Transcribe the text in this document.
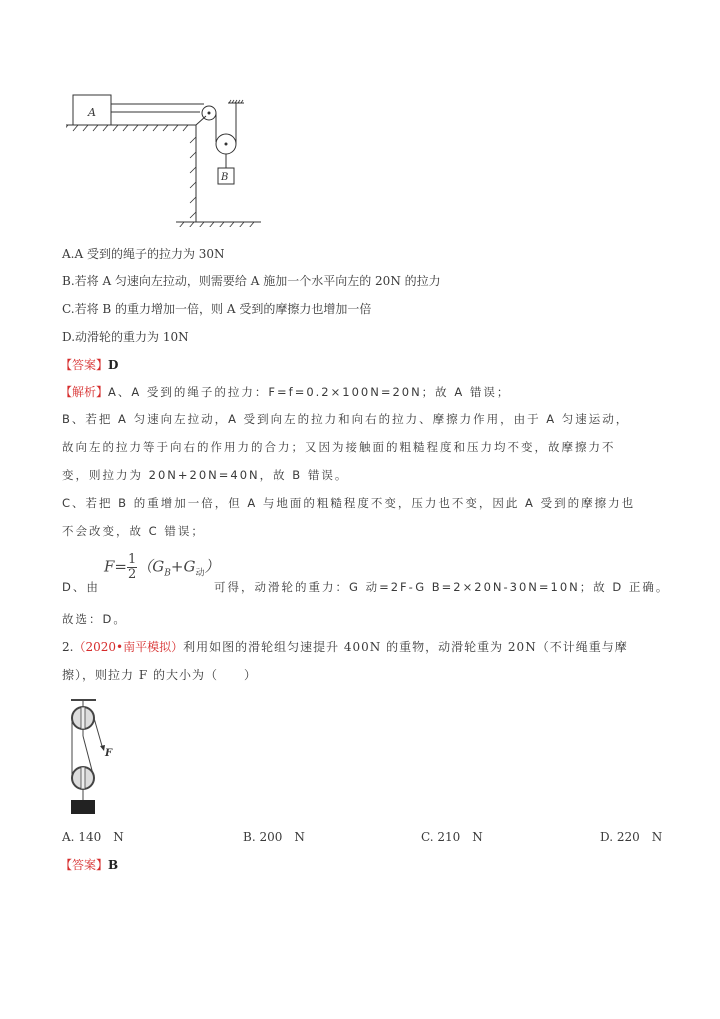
A
B
A.A 受到的绳子的拉力为 30N
B.若将 A 匀速向左拉动，则需要给 A 施加一个水平向左的 20N 的拉力
C.若将 B 的重力增加一倍，则 A 受到的摩擦力也增加一倍
D.动滑轮的重力为 10N
【答案】D
【解析】A、A 受到的绳子的拉力：F=f=0.2×100N=20N；故 A 错误；
B、若把 A 匀速向左拉动，A 受到向左的拉力和向右的拉力、摩擦力作用，由于 A 匀速运动，
故向左的拉力等于向右的作用力的合力；又因为接触面的粗糙程度和压力均不变，故摩擦力不
变，则拉力为 20N+20N=40N，故 B 错误。
C、若把 B 的重增加一倍，但 A 与地面的粗糙程度不变，压力也不变，因此 A 受到的摩擦力也
不会改变，故 C 错误；
D、由
$F= \frac{1}{2} (G_B+G_动)$
可得，动滑轮的重力：G 动=2F-G B=2×20N-30N=10N；故 D 正确。
故选：D。
2.（2020•南平模拟）利用如图的滑轮组匀速提升 400N 的重物，动滑轮重为 20N（不计绳重与摩
擦），则拉力 F 的大小为（　　）
F
A. 140　N	B. 200　N	C. 210　N	D. 220　N
【答案】B
